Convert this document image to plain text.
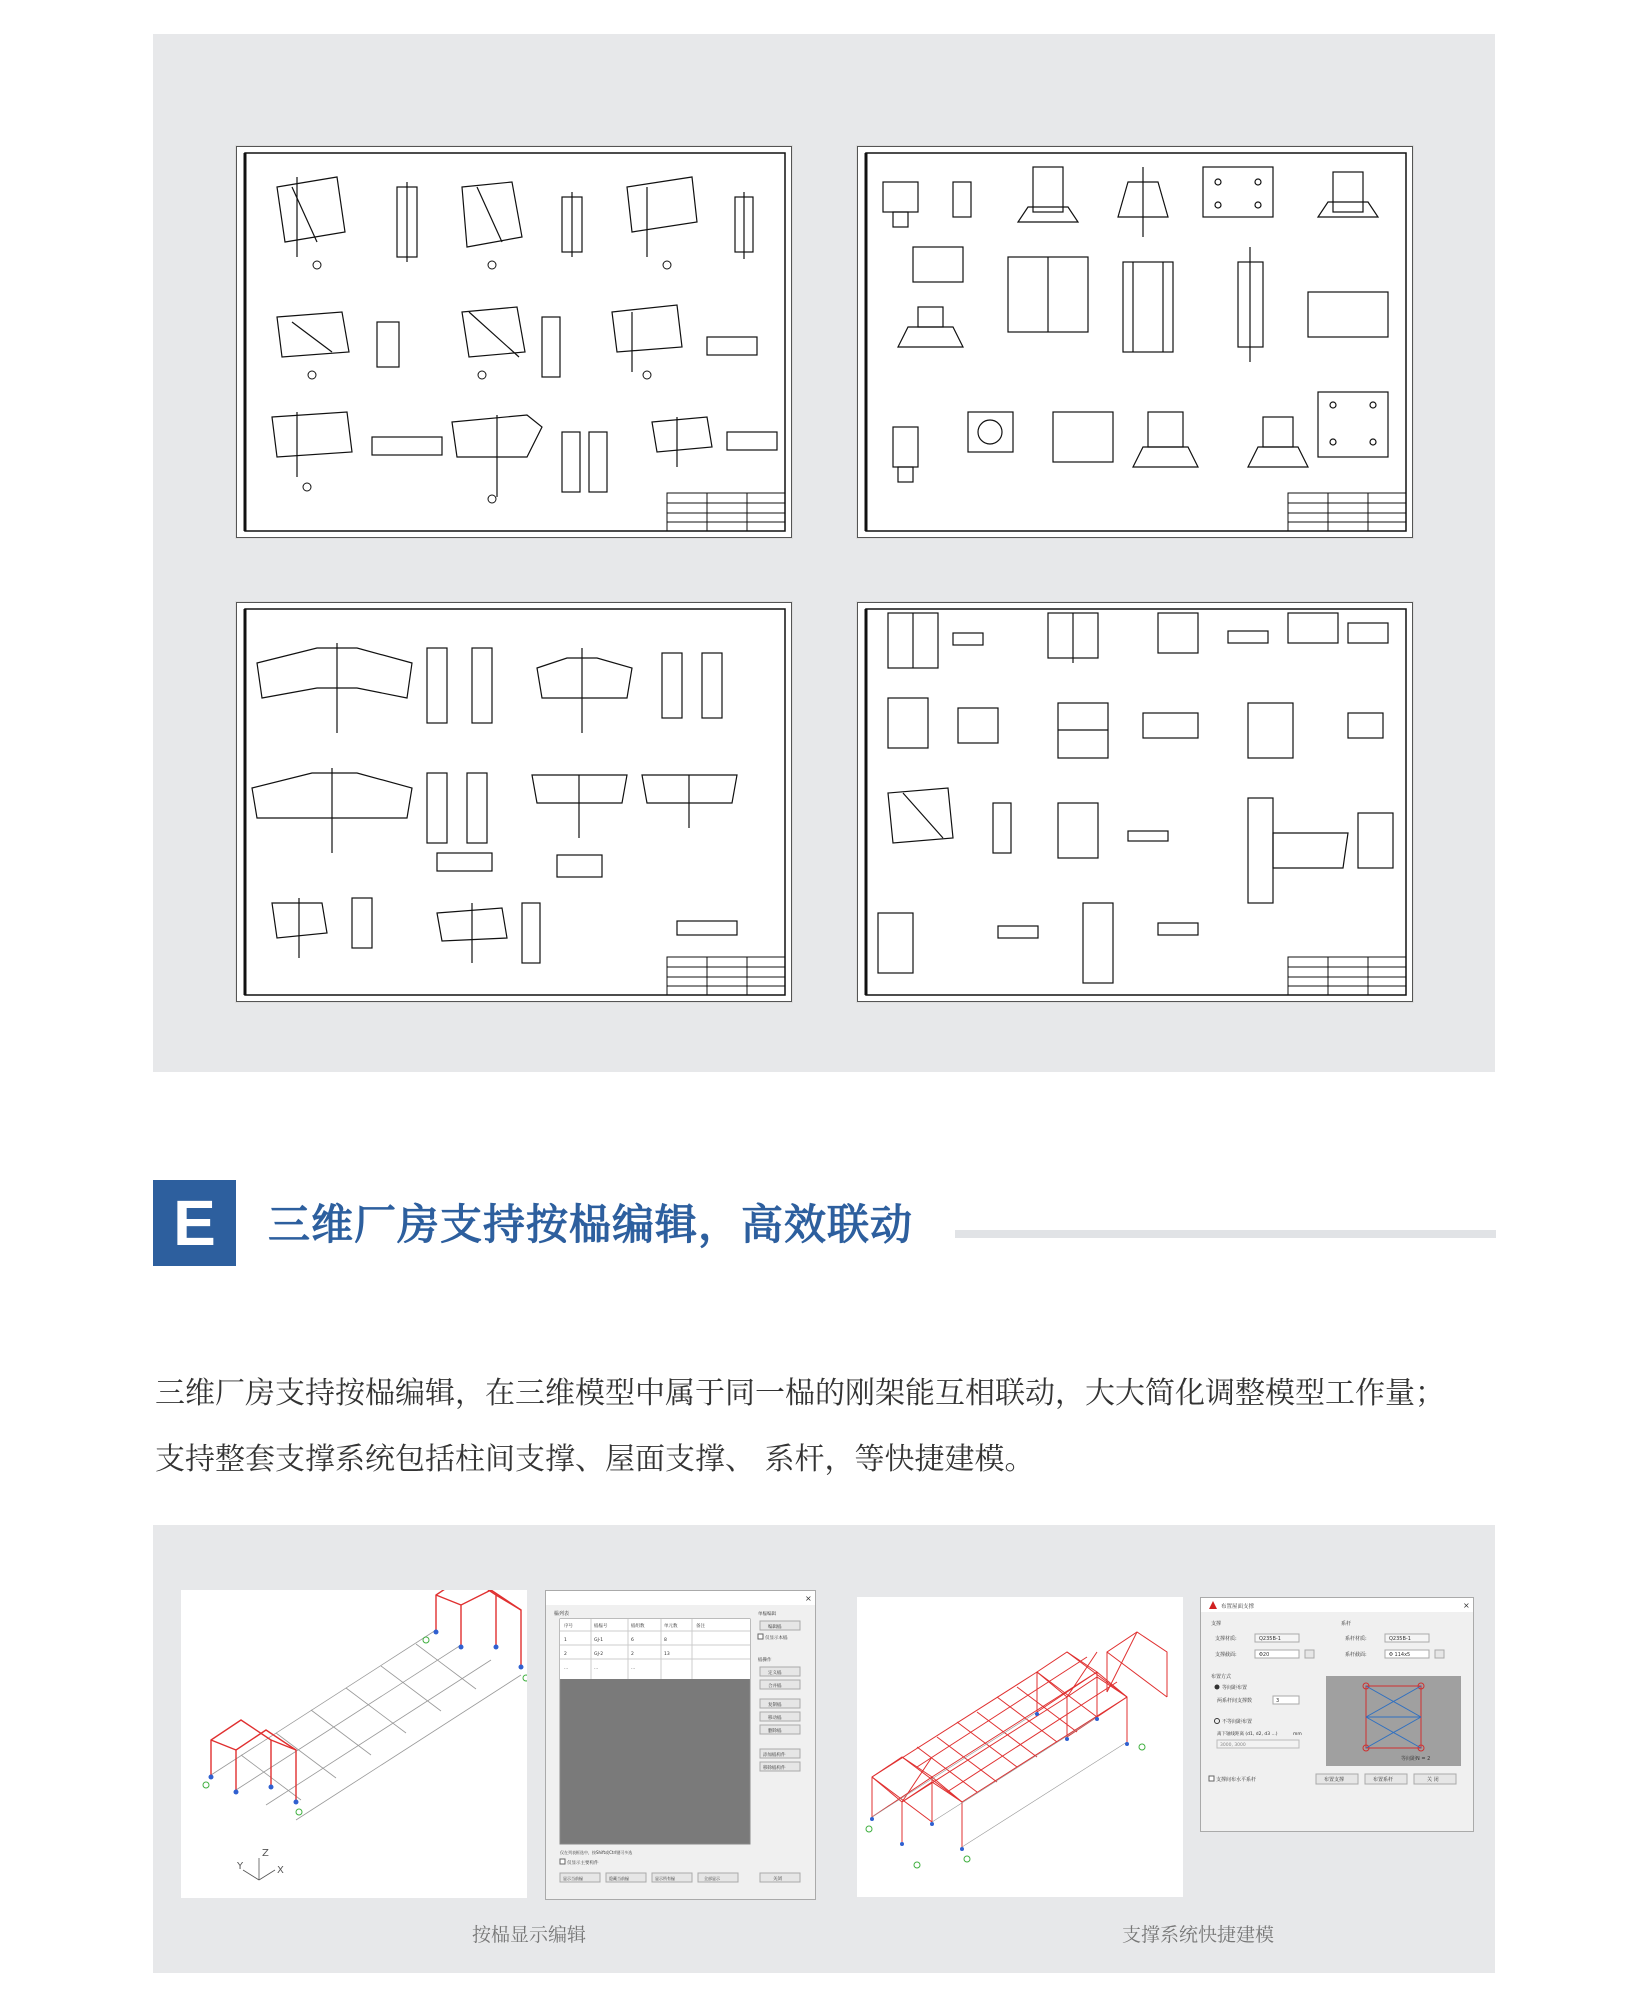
E	三维厂房支持按榀编辑，高效联动
三维厂房支持按榀编辑，在三维模型中属于同一榀的刚架能互相联动，大大简化调整模型工作量；
支持整套支撑系统包括柱间支撑、屋面支撑、 系杆，等快捷建模。
X
Y
Z
×
榀列表
序号	榀榀号	榀组数	单元数	备注
1	GJ-1	6	8
2	GJ-2	2	13
...	...	...
单榀编辑
编辑榀
仅显示本榀
榀操作
定义榀
合并榀
复制榀
移动榀
删除榀
添加榀构件
移除榀构件
仅在列表框选中，按Shift或Ctrl键可多选
仅显示主要构件
显示当前榀	隐藏当前榀	显示所有榀	全部显示	关闭
布置屋面支撑	×
支撑	系杆
支撑材质:	Q235B-1
支撑截面:	Φ20
系杆材质:	Q235B-1
系杆截面:	Φ 114x5
布置方式
等间距布置
两系杆间支撑数	3
不等间距布置
离下轴线距离 (d1, d2, d3 ...)	mm
3000, 3000
等间距N = 2
支撑间布水平系杆	布置支撑	布置系杆	关 闭
按榀显示编辑	支撑系统快捷建模
